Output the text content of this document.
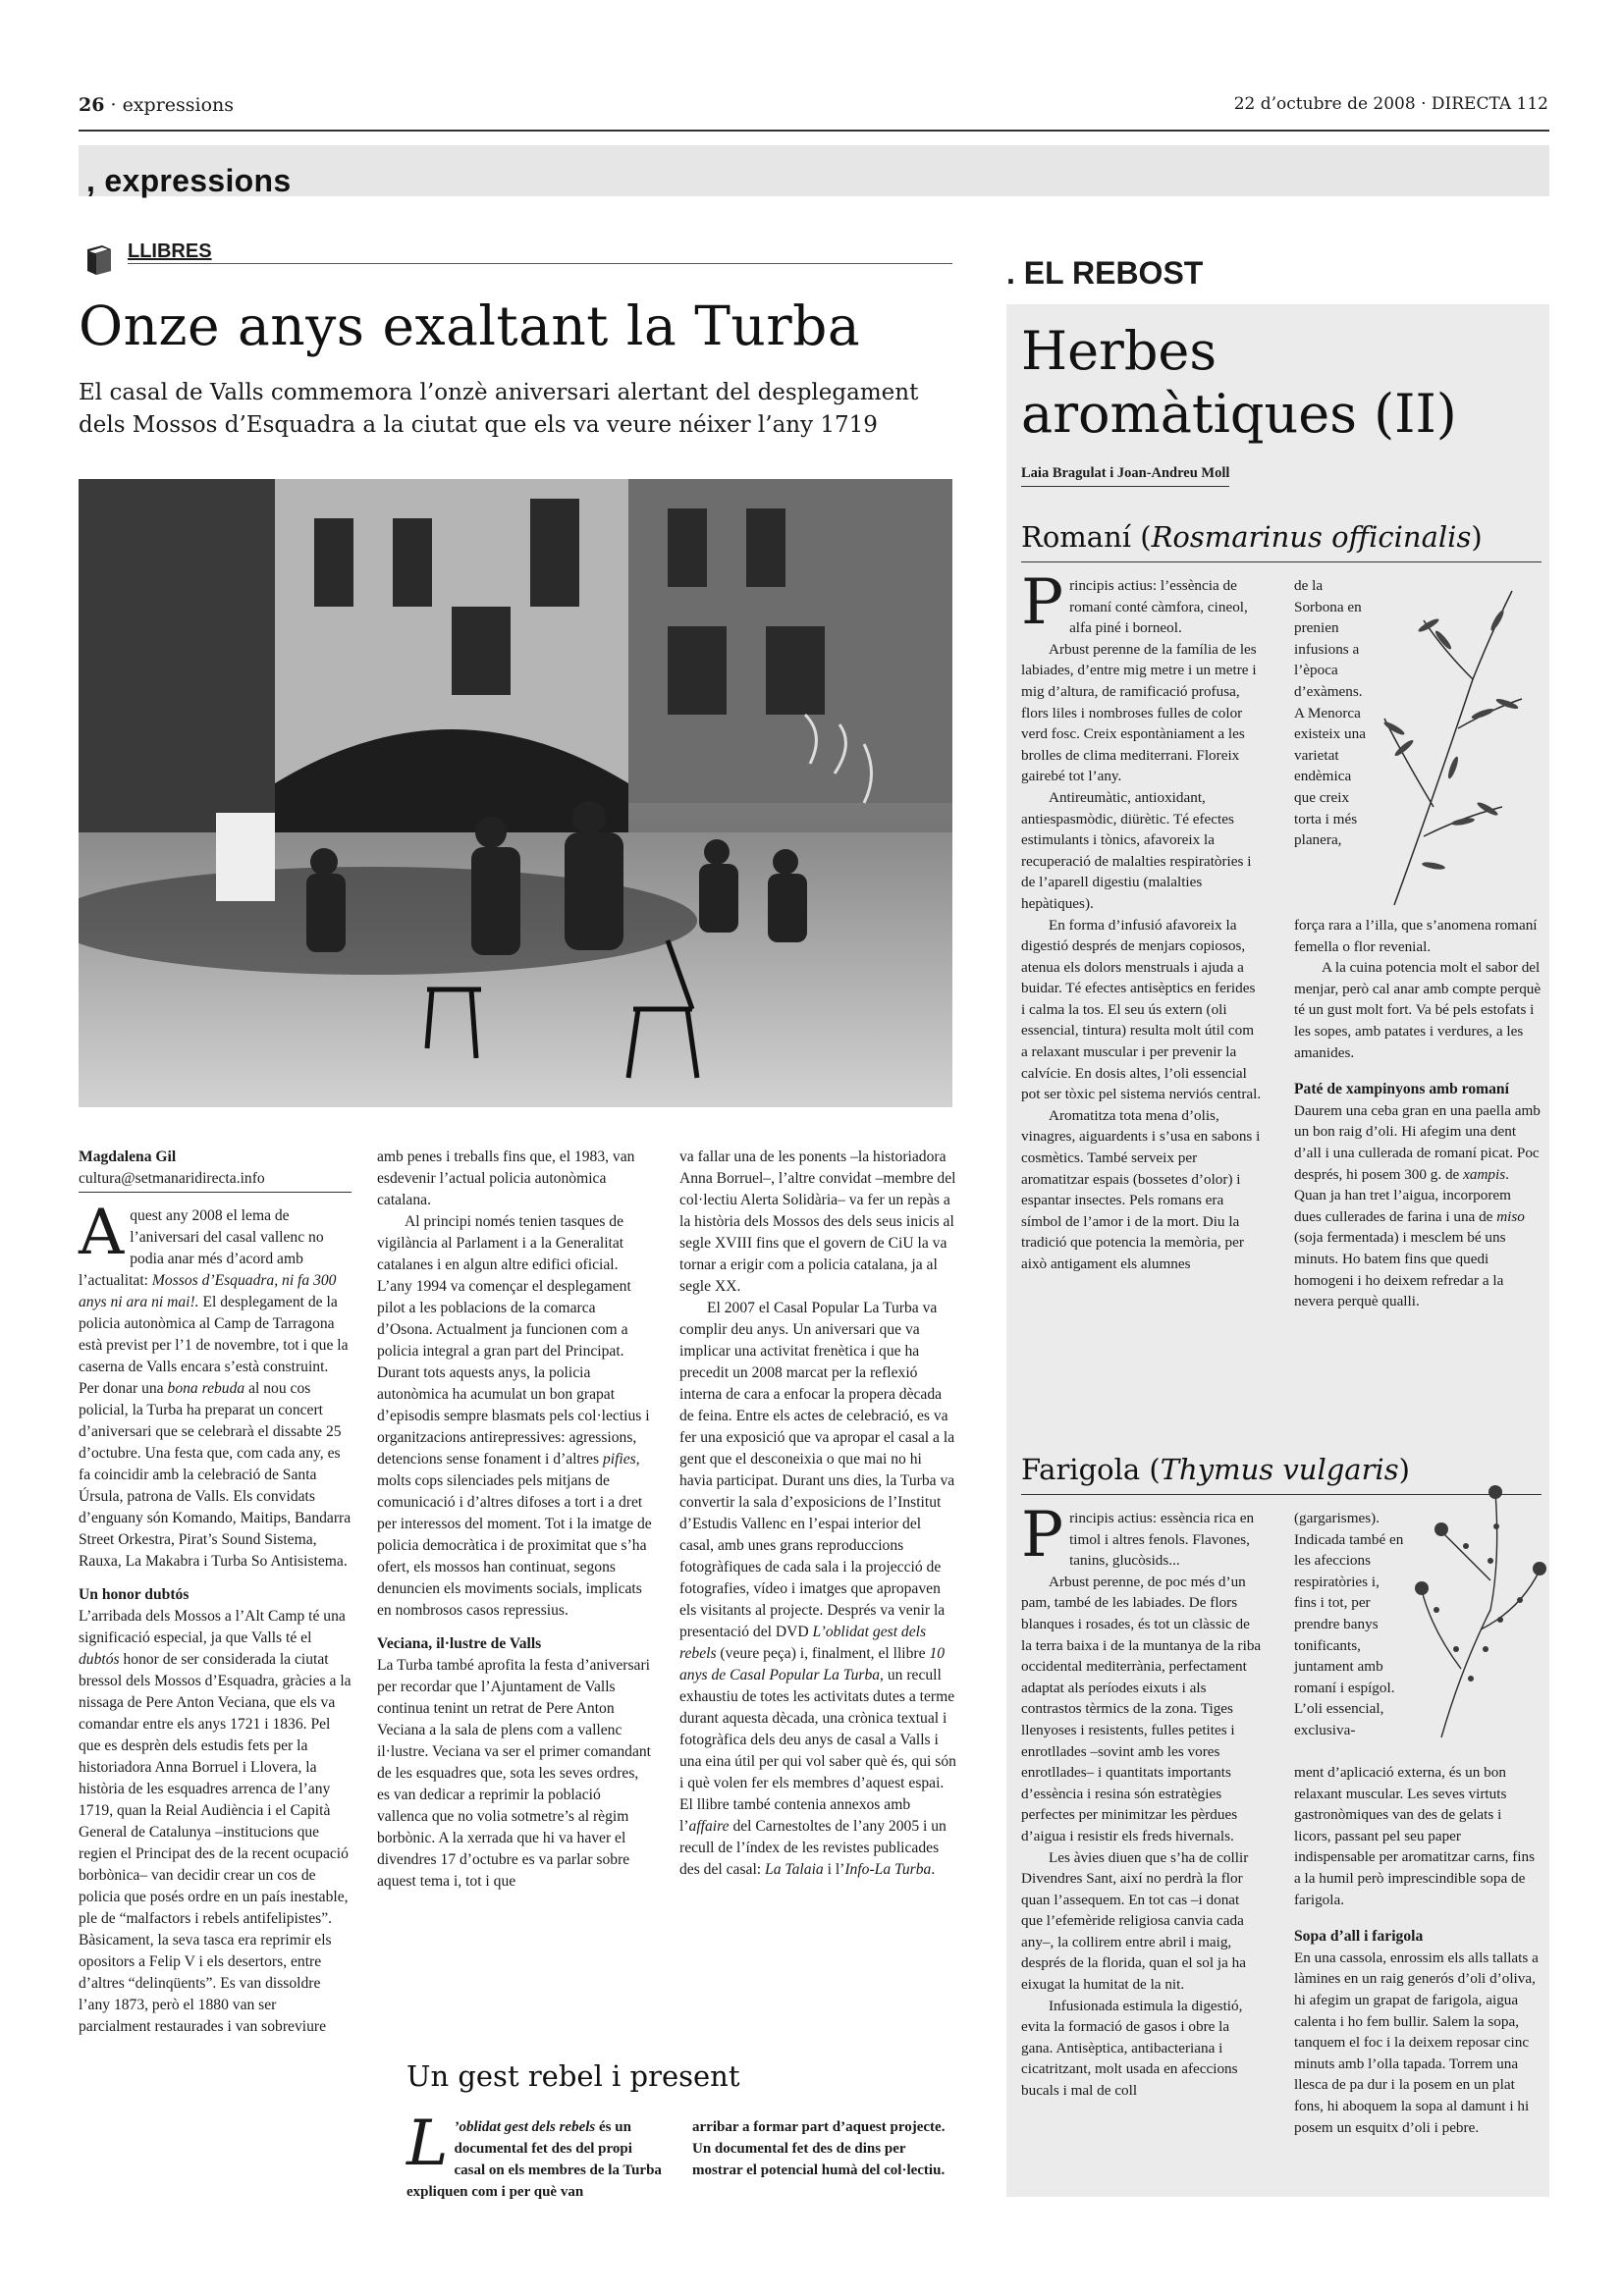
26 · expressions	22 d’octubre de 2008 · DIRECTA 112
, expressions
LLIBRES
Onze anys exaltant la Turba
El casal de Valls commemora l’onzè aniversari alertant del desplegament dels Mossos d’Esquadra a la ciutat que els va veure néixer l’any 1719
Magdalena Gil
cultura@setmanaridirecta.info

Aquest any 2008 el lema de l’aniversari del casal vallenc no podia anar més d’acord amb l’actualitat: Mossos d’Esquadra, ni fa 300 anys ni ara ni mai!. El desplegament de la policia autonòmica al Camp de Tarragona està previst per l’1 de novembre, tot i que la caserna de Valls encara s’està construint. Per donar una bona rebuda al nou cos policial, la Turba ha preparat un concert d’aniversari que se celebrarà el dissabte 25 d’octubre. Una festa que, com cada any, es fa coincidir amb la celebració de Santa Úrsula, patrona de Valls. Els convidats d’enguany són Komando, Maitips, Bandarra Street Orkestra, Pirat’s Sound Sistema, Rauxa, La Makabra i Turba So Antisistema.

Un honor dubtós

L’arribada dels Mossos a l’Alt Camp té una significació especial, ja que Valls té el dubtós honor de ser considerada la ciutat bressol dels Mossos d’Esquadra, gràcies a la nissaga de Pere Anton Veciana, que els va comandar entre els anys 1721 i 1836. Pel que es desprèn dels estudis fets per la historiadora Anna Borruel i Llovera, la història de les esquadres arrenca de l’any 1719, quan la Reial Audiència i el Capità General de Catalunya –institucions que regien el Principat des de la recent ocupació borbònica– van decidir crear un cos de policia que posés ordre en un país inestable, ple de “malfactors i rebels antifelipistes”. Bàsicament, la seva tasca era reprimir els opositors a Felip V i els desertors, entre d’altres “delinqüents”. Es van dissoldre l’any 1873, però el 1880 van ser parcialment restaurades i van sobreviure

amb penes i treballs fins que, el 1983, van esdevenir l’actual policia autonòmica catalana.

Al principi només tenien tasques de vigilància al Parlament i a la Generalitat catalanes i en algun altre edifici oficial. L’any 1994 va començar el desplegament pilot a les poblacions de la comarca d’Osona. Actualment ja funcionen com a policia integral a gran part del Principat. Durant tots aquests anys, la policia autonòmica ha acumulat un bon grapat d’episodis sempre blasmats pels col·lectius i organitzacions antirepressives: agressions, detencions sense fonament i d’altres pifies, molts cops silenciades pels mitjans de comunicació i d’altres difoses a tort i a dret per interessos del moment. Tot i la imatge de policia democràtica i de proximitat que s’ha ofert, els mossos han continuat, segons denuncien els moviments socials, implicats en nombrosos casos repressius.

Veciana, il·lustre de Valls

La Turba també aprofita la festa d’aniversari per recordar que l’Ajuntament de Valls continua tenint un retrat de Pere Anton Veciana a la sala de plens com a vallenc il·lustre. Veciana va ser el primer comandant de les esquadres que, sota les seves ordres, es van dedicar a reprimir la població vallenca que no volia sotmetre’s al règim borbònic. A la xerrada que hi va haver el divendres 17 d’octubre es va parlar sobre aquest tema i, tot i que

va fallar una de les ponents –la historiadora Anna Borruel–, l’altre convidat –membre del col·lectiu Alerta Solidària– va fer un repàs a la història dels Mossos des dels seus inicis al segle XVIII fins que el govern de CiU la va tornar a erigir com a policia catalana, ja al segle XX.

El 2007 el Casal Popular La Turba va complir deu anys. Un aniversari que va implicar una activitat frenètica i que ha precedit un 2008 marcat per la reflexió interna de cara a enfocar la propera dècada de feina. Entre els actes de celebració, es va fer una exposició que va apropar el casal a la gent que el desconeixia o que mai no hi havia participat. Durant uns dies, la Turba va convertir la sala d’exposicions de l’Institut d’Estudis Vallenc en l’espai interior del casal, amb unes grans reproduccions fotogràfiques de cada sala i la projecció de fotografies, vídeo i imatges que apropaven els visitants al projecte. Després va venir la presentació del DVD L’oblidat gest dels rebels (veure peça) i, finalment, el llibre 10 anys de Casal Popular La Turba, un recull exhaustiu de totes les activitats dutes a terme durant aquesta dècada, una crònica textual i fotogràfica dels deu anys de casal a Valls i una eina útil per qui vol saber què és, qui són i què volen fer els membres d’aquest espai. El llibre també contenia annexos amb l’affaire del Carnestoltes de l’any 2005 i un recull de l’índex de les revistes publicades des del casal: La Talaia i l’Info-La Turba.

Un gest rebel i present

L ’oblidat gest dels rebels és un documental fet des del propi casal on els membres de la Turba expliquen com i per què van

arribar a formar part d’aquest projecte. Un documental fet des de dins per mostrar el potencial humà del col·lectiu.
. EL REBOST
Herbes
aromàtiques (II)
Laia Bragulat i Joan-Andreu Moll
Romaní (Rosmarinus officinalis)

Principis actius: l’essència de romaní conté càmfora, cineol, alfa piné i borneol.

Arbust perenne de la família de les labiades, d’entre mig metre i un metre i mig d’altura, de ramificació profusa, flors liles i nombroses fulles de color verd fosc. Creix espontàniament a les brolles de clima mediterrani. Floreix gairebé tot l’any.

Antireumàtic, antioxidant, antiespasmòdic, diürètic. Té efectes estimulants i tònics, afavoreix la recuperació de malalties respiratòries i de l’aparell digestiu (malalties hepàtiques).

En forma d’infusió afavoreix la digestió després de menjars copiosos, atenua els dolors menstruals i ajuda a buidar. Té efectes antisèptics en ferides i calma la tos. El seu ús extern (oli essencial, tintura) resulta molt útil com a relaxant muscular i per prevenir la calvície. En dosis altes, l’oli essencial pot ser tòxic pel sistema nerviós central.

Aromatitza tota mena d’olis, vinagres, aiguardents i s’usa en sabons i cosmètics. També serveix per aromatitzar espais (bossetes d’olor) i espantar insectes. Pels romans era símbol de l’amor i de la mort. Diu la tradició que potencia la memòria, per això antigament els alumnes

de la Sorbona en prenien infusions a l’època d’exàmens. A Menorca existeix una varietat endèmica que creix torta i més planera,

força rara a l’illa, que s’anomena romaní femella o flor revenial.

A la cuina potencia molt el sabor del menjar, però cal anar amb compte perquè té un gust molt fort. Va bé pels estofats i les sopes, amb patates i verdures, a les amanides.

Paté de xampinyons amb romaní

Daurem una ceba gran en una paella amb un bon raig d’oli. Hi afegim una dent d’all i una cullerada de romaní picat. Poc després, hi posem 300 g. de xampis. Quan ja han tret l’aigua, incorporem dues cullerades de farina i una de miso (soja fermentada) i mesclem bé uns minuts. Ho batem fins que quedi homogeni i ho deixem refredar a la nevera perquè qualli.

Farigola (Thymus vulgaris)

Principis actius: essència rica en timol i altres fenols. Flavones, tanins, glucòsids...

Arbust perenne, de poc més d’un pam, també de les labiades. De flors blanques i rosades, és tot un clàssic de la terra baixa i de la muntanya de la riba occidental mediterrània, perfectament adaptat als períodes eixuts i als contrastos tèrmics de la zona. Tiges llenyoses i resistents, fulles petites i enrotllades –sovint amb les vores enrotllades– i quantitats importants d’essència i resina són estratègies perfectes per minimitzar les pèrdues d’aigua i resistir els freds hivernals.

Les àvies diuen que s’ha de collir Divendres Sant, així no perdrà la flor quan l’assequem. En tot cas –i donat que l’efemèride religiosa canvia cada any–, la collirem entre abril i maig, després de la florida, quan el sol ja ha eixugat la humitat de la nit.

Infusionada estimula la digestió, evita la formació de gasos i obre la gana. Antisèptica, antibacteriana i cicatritzant, molt usada en afeccions bucals i mal de coll

(gargarismes). Indicada també en les afeccions respiratòries i, fins i tot, per prendre banys tonificants, juntament amb romaní i espígol. L’oli essencial, exclusiva-

ment d’aplicació externa, és un bon relaxant muscular. Les seves virtuts gastronòmiques van des de gelats i licors, passant pel seu paper indispensable per aromatitzar carns, fins a la humil però imprescindible sopa de farigola.

Sopa d’all i farigola

En una cassola, enrossim els alls tallats a làmines en un raig generós d’oli d’oliva, hi afegim un grapat de farigola, aigua calenta i ho fem bullir. Salem la sopa, tanquem el foc i la deixem reposar cinc minuts amb l’olla tapada. Torrem una llesca de pa dur i la posem en un plat fons, hi aboquem la sopa al damunt i hi posem un esquitx d’oli i pebre.
